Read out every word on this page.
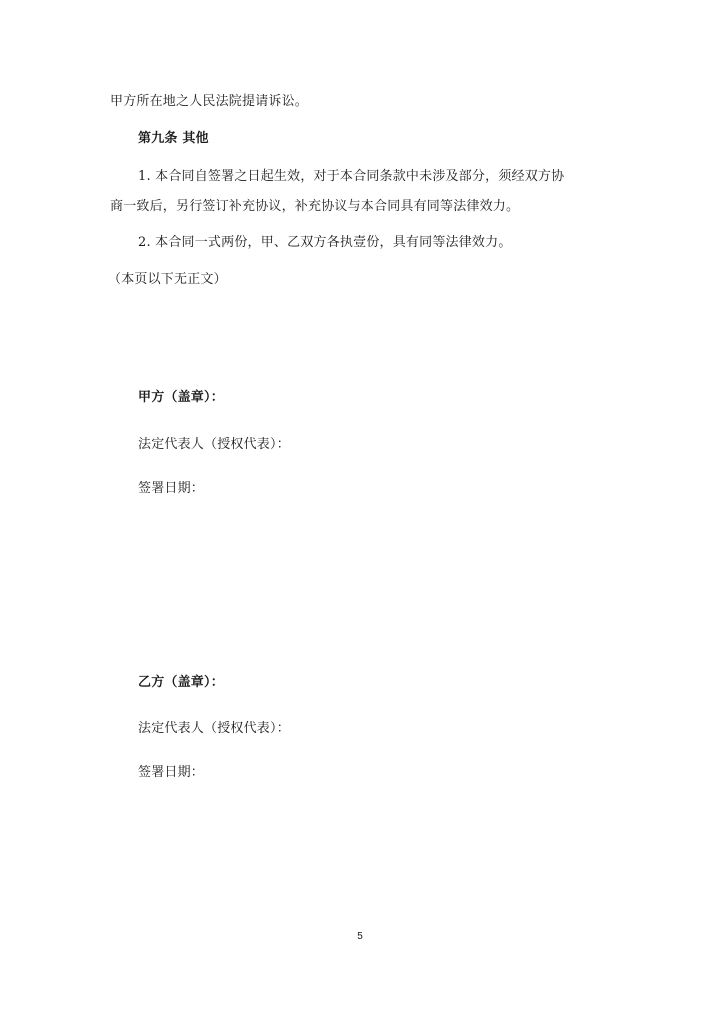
甲方所在地之人民法院提请诉讼。
第九条 其他
1. 本合同自签署之日起生效，对于本合同条款中未涉及部分，须经双方协
商一致后，另行签订补充协议，补充协议与本合同具有同等法律效力。
2. 本合同一式两份，甲、乙双方各执壹份，具有同等法律效力。
（本页以下无正文）
甲方（盖章）：
法定代表人（授权代表）：
签署日期：
乙方（盖章）：
法定代表人（授权代表）：
签署日期：
5
